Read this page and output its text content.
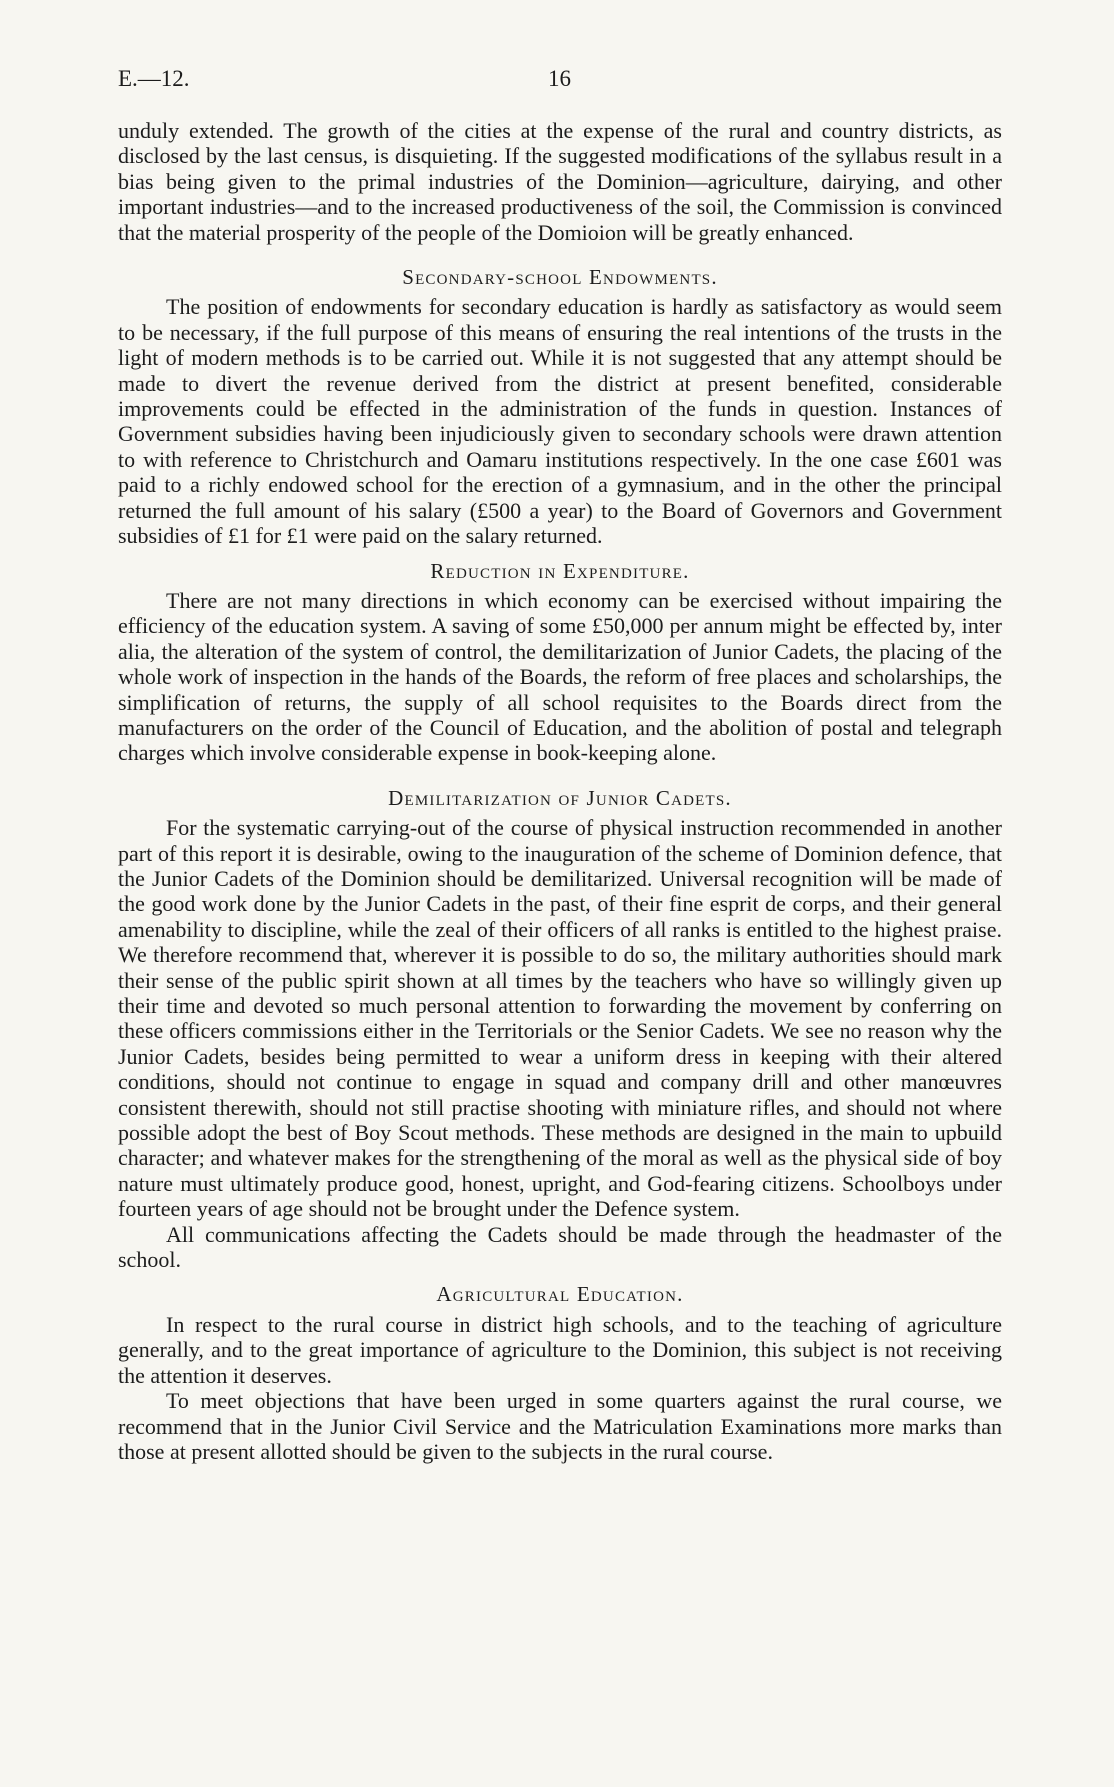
E.—12.	16

unduly extended. The growth of the cities at the expense of the rural and country districts, as disclosed by the last census, is disquieting. If the suggested modifications of the syllabus result in a bias being given to the primal industries of the Dominion—agriculture, dairying, and other important industries—and to the increased productiveness of the soil, the Commission is convinced that the material prosperity of the people of the Domioion will be greatly enhanced.

Secondary-school Endowments.

The position of endowments for secondary education is hardly as satisfactory as would seem to be necessary, if the full purpose of this means of ensuring the real intentions of the trusts in the light of modern methods is to be carried out. While it is not suggested that any attempt should be made to divert the revenue derived from the district at present benefited, considerable improvements could be effected in the administration of the funds in question. Instances of Government subsidies having been injudiciously given to secondary schools were drawn attention to with reference to Christchurch and Oamaru institutions respectively. In the one case £601 was paid to a richly endowed school for the erection of a gymnasium, and in the other the principal returned the full amount of his salary (£500 a year) to the Board of Governors and Government subsidies of £1 for £1 were paid on the salary returned.

Reduction in Expenditure.

There are not many directions in which economy can be exercised without impairing the efficiency of the education system. A saving of some £50,000 per annum might be effected by, inter alia, the alteration of the system of control, the demilitarization of Junior Cadets, the placing of the whole work of inspection in the hands of the Boards, the reform of free places and scholarships, the simplification of returns, the supply of all school requisites to the Boards direct from the manufacturers on the order of the Council of Education, and the abolition of postal and telegraph charges which involve considerable expense in book-keeping alone.

Demilitarization of Junior Cadets.

For the systematic carrying-out of the course of physical instruction recommended in another part of this report it is desirable, owing to the inauguration of the scheme of Dominion defence, that the Junior Cadets of the Dominion should be demilitarized. Universal recognition will be made of the good work done by the Junior Cadets in the past, of their fine esprit de corps, and their general amenability to discipline, while the zeal of their officers of all ranks is entitled to the highest praise. We therefore recommend that, wherever it is possible to do so, the military authorities should mark their sense of the public spirit shown at all times by the teachers who have so willingly given up their time and devoted so much personal attention to forwarding the movement by conferring on these officers commissions either in the Territorials or the Senior Cadets. We see no reason why the Junior Cadets, besides being permitted to wear a uniform dress in keeping with their altered conditions, should not continue to engage in squad and company drill and other manœuvres consistent therewith, should not still practise shooting with miniature rifles, and should not where possible adopt the best of Boy Scout methods. These methods are designed in the main to upbuild character; and whatever makes for the strengthening of the moral as well as the physical side of boy nature must ultimately produce good, honest, upright, and God-fearing citizens. Schoolboys under fourteen years of age should not be brought under the Defence system.

All communications affecting the Cadets should be made through the headmaster of the school.

Agricultural Education.

In respect to the rural course in district high schools, and to the teaching of agriculture generally, and to the great importance of agriculture to the Dominion, this subject is not receiving the attention it deserves.

To meet objections that have been urged in some quarters against the rural course, we recommend that in the Junior Civil Service and the Matriculation Examinations more marks than those at present allotted should be given to the subjects in the rural course.
